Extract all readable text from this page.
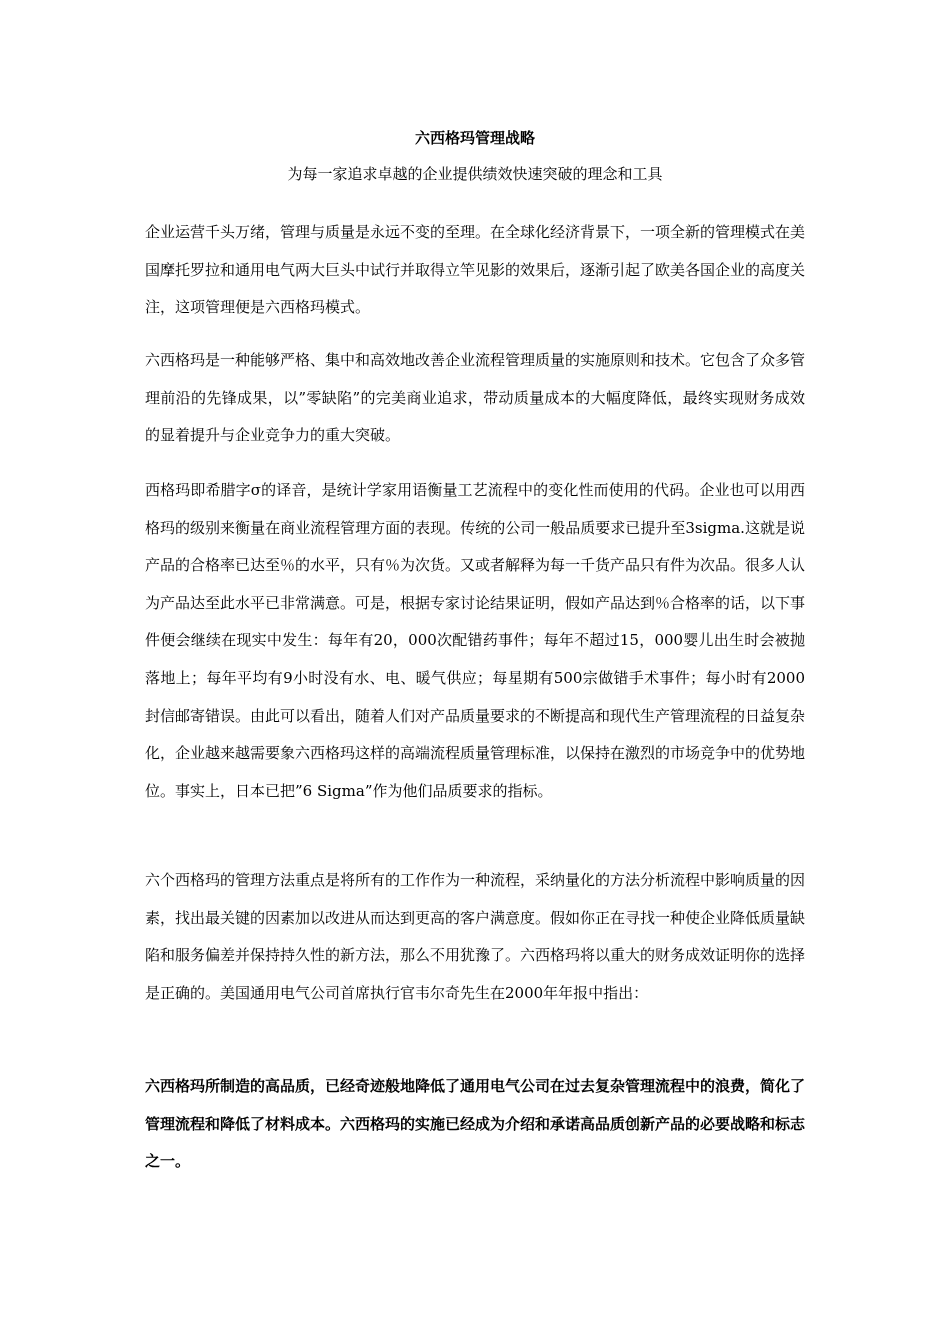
六西格玛管理战略
为每一家追求卓越的企业提供绩效快速突破的理念和工具
企业运营千头万绪，管理与质量是永远不变的至理。在全球化经济背景下，一项全新的管理模式在美国摩托罗拉和通用电气两大巨头中试行并取得立竿见影的效果后，逐渐引起了欧美各国企业的高度关注，这项管理便是六西格玛模式。
六西格玛是一种能够严格、集中和高效地改善企业流程管理质量的实施原则和技术。它包含了众多管理前沿的先锋成果，以”零缺陷”的完美商业追求，带动质量成本的大幅度降低，最终实现财务成效的显着提升与企业竞争力的重大突破。
西格玛即希腊字σ的译音，是统计学家用语衡量工艺流程中的变化性而使用的代码。企业也可以用西格玛的级别来衡量在商业流程管理方面的表现。传统的公司一般品质要求已提升至3sigma.这就是说产品的合格率已达至％的水平，只有％为次货。又或者解释为每一千货产品只有件为次品。很多人认为产品达至此水平已非常满意。可是，根据专家讨论结果证明，假如产品达到％合格率的话，以下事件便会继续在现实中发生：每年有20，000次配错药事件；每年不超过15，000婴儿出生时会被抛落地上；每年平均有9小时没有水、电、暖气供应；每星期有500宗做错手术事件；每小时有2000封信邮寄错误。由此可以看出，随着人们对产品质量要求的不断提高和现代生产管理流程的日益复杂化，企业越来越需要象六西格玛这样的高端流程质量管理标准，以保持在激烈的市场竞争中的优势地位。事实上，日本已把”6 Sigma”作为他们品质要求的指标。
六个西格玛的管理方法重点是将所有的工作作为一种流程，采纳量化的方法分析流程中影响质量的因素，找出最关键的因素加以改进从而达到更高的客户满意度。假如你正在寻找一种使企业降低质量缺陷和服务偏差并保持持久性的新方法，那么不用犹豫了。六西格玛将以重大的财务成效证明你的选择是正确的。美国通用电气公司首席执行官韦尔奇先生在2000年年报中指出：
六西格玛所制造的高品质，已经奇迹般地降低了通用电气公司在过去复杂管理流程中的浪费，简化了管理流程和降低了材料成本。六西格玛的实施已经成为介绍和承诺高品质创新产品的必要战略和标志之一。
